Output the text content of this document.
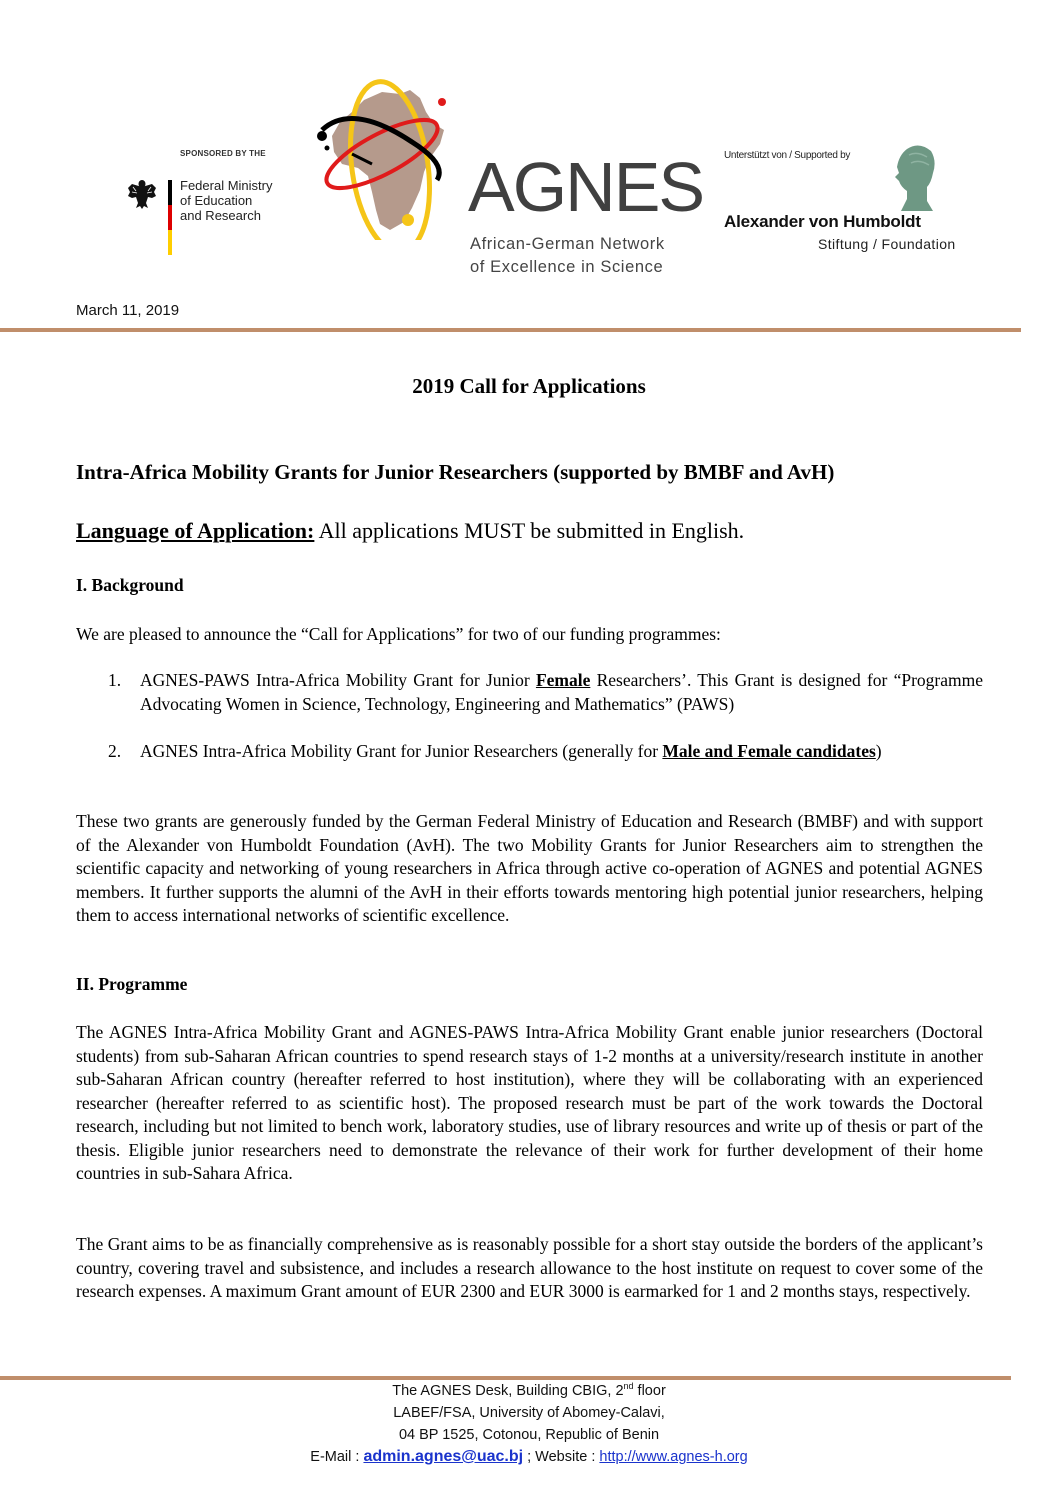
SPONSORED BY THE
Federal Ministry
of Education
and Research	AGNES
African-German Network
of Excellence in Science
Unterstützt von / Supported by
Alexander von Humboldt
Stiftung / Foundation
March 11, 2019
2019 Call for Applications
Intra-Africa Mobility Grants for Junior Researchers (supported by BMBF and AvH)
Language of Application: All applications MUST be submitted in English.
I. Background
We are pleased to announce the “Call for Applications” for two of our funding programmes:
1. AGNES-PAWS Intra-Africa Mobility Grant for Junior Female Researchers’. This Grant is designed for “Programme Advocating Women in Science, Technology, Engineering and Mathematics” (PAWS)
2. AGNES Intra-Africa Mobility Grant for Junior Researchers (generally for Male and Female candidates)
These two grants are generously funded by the German Federal Ministry of Education and Research (BMBF) and with support of the Alexander von Humboldt Foundation (AvH). The two Mobility Grants for Junior Researchers aim to strengthen the scientific capacity and networking of young researchers in Africa through active co-operation of AGNES and potential AGNES members. It further supports the alumni of the AvH in their efforts towards mentoring high potential junior researchers, helping them to access international networks of scientific excellence.
II. Programme
The AGNES Intra-Africa Mobility Grant and AGNES-PAWS Intra-Africa Mobility Grant enable junior researchers (Doctoral students) from sub-Saharan African countries to spend research stays of 1-2 months at a university/research institute in another sub-Saharan African country (hereafter referred to host institution), where they will be collaborating with an experienced researcher (hereafter referred to as scientific host). The proposed research must be part of the work towards the Doctoral research, including but not limited to bench work, laboratory studies, use of library resources and write up of thesis or part of the thesis. Eligible junior researchers need to demonstrate the relevance of their work for further development of their home countries in sub-Sahara Africa.
The Grant aims to be as financially comprehensive as is reasonably possible for a short stay outside the borders of the applicant’s country, covering travel and subsistence, and includes a research allowance to the host institute on request to cover some of the research expenses. A maximum Grant amount of EUR 2300 and EUR 3000 is earmarked for 1 and 2 months stays, respectively.
The AGNES Desk, Building CBIG, 2nd floor
LABEF/FSA, University of Abomey-Calavi,
04 BP 1525, Cotonou, Republic of Benin
E-Mail : admin.agnes@uac.bj ; Website : http://www.agnes-h.org
